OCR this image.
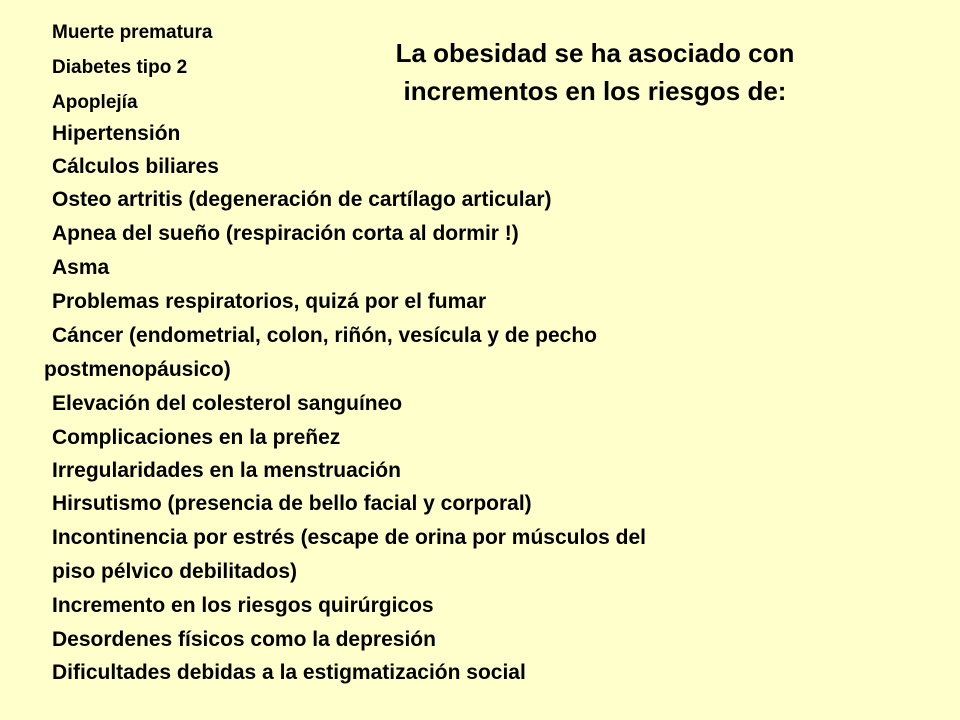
La obesidad se ha asociado con
incrementos en los riesgos de:
Muerte prematura
Diabetes tipo 2
Apoplejía
Hipertensión
Cálculos biliares
Osteo artritis (degeneración de cartílago articular)
Apnea del sueño (respiración corta al dormir !)
Asma
Problemas respiratorios, quizá por el fumar
Cáncer (endometrial, colon, riñón, vesícula y de pecho
postmenopáusico)
Elevación del colesterol sanguíneo
Complicaciones en la preñez
Irregularidades en la menstruación
Hirsutismo (presencia de bello facial y corporal)
Incontinencia por estrés (escape de orina por músculos del
piso pélvico debilitados)
Incremento en los riesgos quirúrgicos
Desordenes físicos como la depresión
Dificultades debidas a la estigmatización social
